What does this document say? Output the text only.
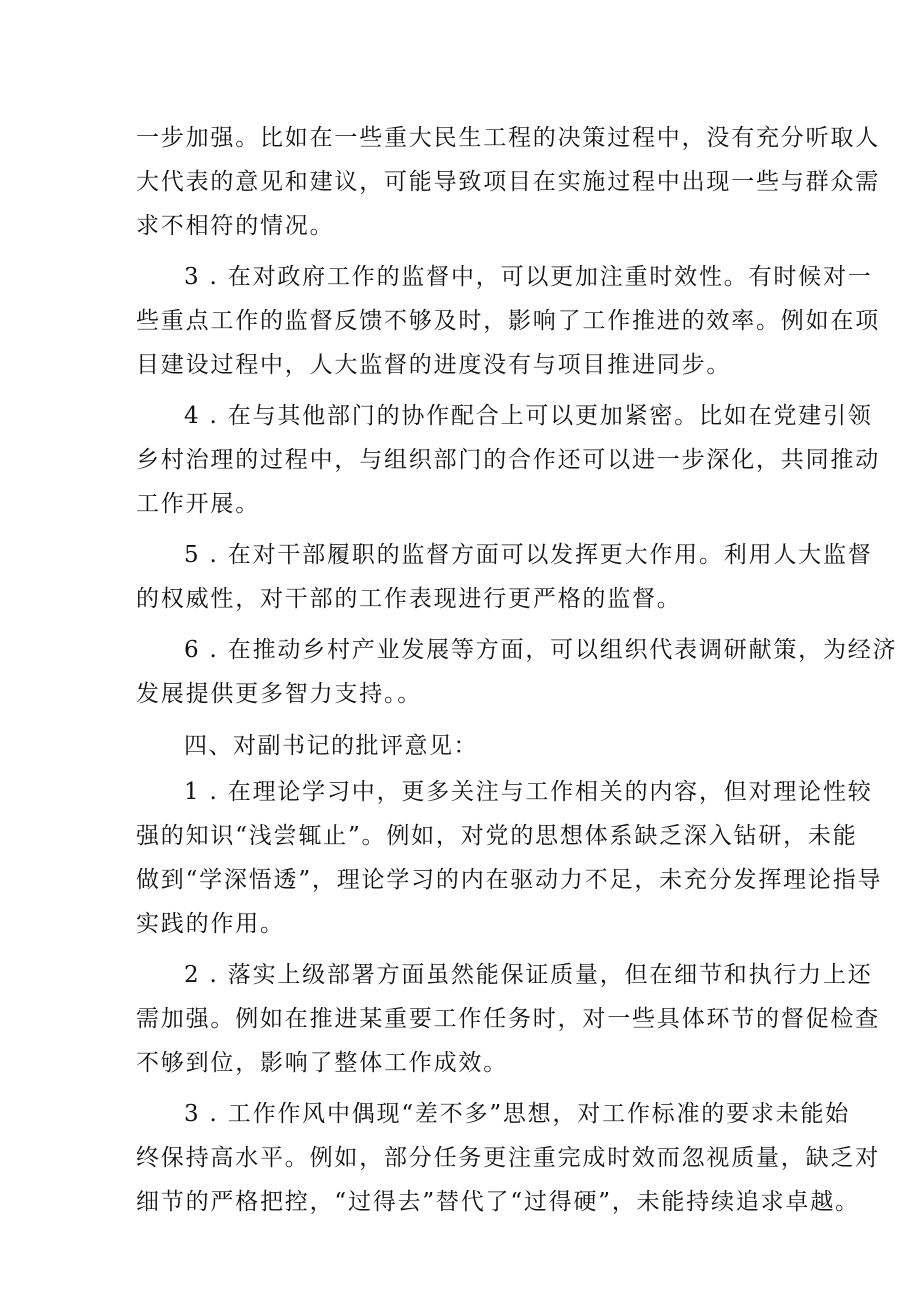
一步加强。比如在一些重大民生工程的决策过程中，没有充分听取人
大代表的意见和建议，可能导致项目在实施过程中出现一些与群众需
求不相符的情况。
3 . 在对政府工作的监督中，可以更加注重时效性。有时候对一
些重点工作的监督反馈不够及时，影响了工作推进的效率。例如在项
目建设过程中，人大监督的进度没有与项目推进同步。
4 . 在与其他部门的协作配合上可以更加紧密。比如在党建引领
乡村治理的过程中，与组织部门的合作还可以进一步深化，共同推动
工作开展。
5 . 在对干部履职的监督方面可以发挥更大作用。利用人大监督
的权威性，对干部的工作表现进行更严格的监督。
6 . 在推动乡村产业发展等方面，可以组织代表调研献策，为经济
发展提供更多智力支持。。
四、对副书记的批评意见：
1 . 在理论学习中，更多关注与工作相关的内容，但对理论性较
强的知识“浅尝辄止”。例如，对党的思想体系缺乏深入钻研，未能
做到“学深悟透”，理论学习的内在驱动力不足，未充分发挥理论指导
实践的作用。
2 . 落实上级部署方面虽然能保证质量，但在细节和执行力上还
需加强。例如在推进某重要工作任务时，对一些具体环节的督促检查
不够到位，影响了整体工作成效。
3 . 工作作风中偶现“差不多”思想，对工作标准的要求未能始
终保持高水平。例如，部分任务更注重完成时效而忽视质量，缺乏对
细节的严格把控，“过得去”替代了“过得硬”，未能持续追求卓越。
